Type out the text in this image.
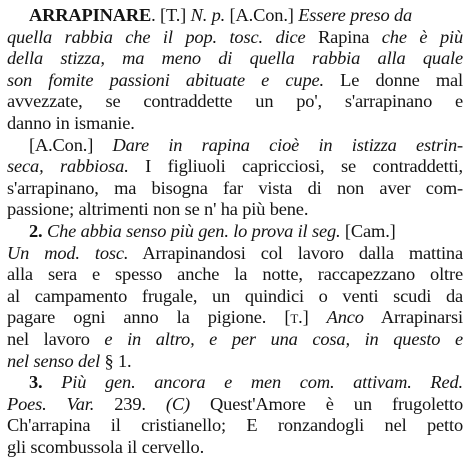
ARRAPINARE. [T.] N. p. [A.Con.] Essere preso da
quella rabbia che il pop. tosc. dice Rapina che è più
della stizza, ma meno di quella rabbia alla quale
son fomite passioni abituate e cupe. Le donne mal
avvezzate, se contraddette un po', s'arrapinano e
danno in ismanie.
[A.Con.] Dare in rapina cioè in istizza estrin-
seca, rabbiosa. I figliuoli capricciosi, se contraddetti,
s'arrapinano, ma bisogna far vista di non aver com-
passione; altrimenti non se n' ha più bene.
2. Che abbia senso più gen. lo prova il seg. [Cam.]
Un mod. tosc. Arrapinandosi col lavoro dalla mattina
alla sera e spesso anche la notte, raccapezzano oltre
al campamento frugale, un quindici o venti scudi da
pagare ogni anno la pigione. [t.] Anco Arrapinarsi
nel lavoro e in altro, e per una cosa, in questo e
nel senso del § 1.
3. Più gen. ancora e men com. attivam. Red.
Poes. Var. 239. (C) Quest'Amore è un frugoletto
Ch'arrapina il cristianello; E ronzandogli nel petto
gli scombussola il cervello.
